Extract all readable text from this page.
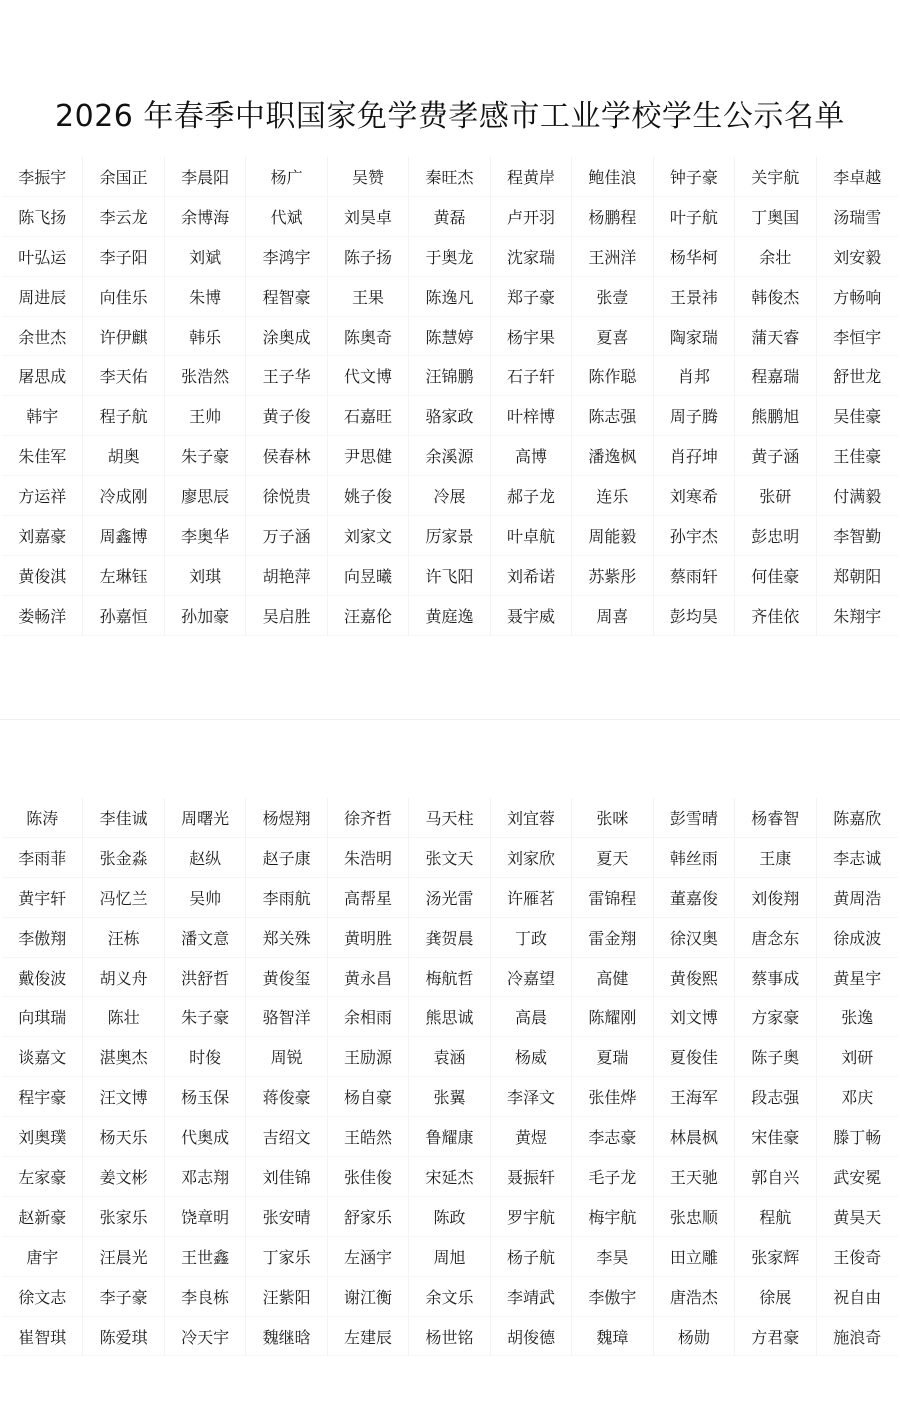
2026 年春季中职国家免学费孝感市工业学校学生公示名单
李振宇	余国正	李晨阳	杨广	吴赞	秦旺杰	程黄岸	鲍佳浪	钟子豪	关宇航	李卓越
陈飞扬	李云龙	余博海	代斌	刘昊卓	黄磊	卢开羽	杨鹏程	叶子航	丁奥国	汤瑞雪
叶弘运	李子阳	刘斌	李鸿宇	陈子扬	于奥龙	沈家瑞	王洲洋	杨华柯	余壮	刘安毅
周进辰	向佳乐	朱博	程智豪	王果	陈逸凡	郑子豪	张壹	王景祎	韩俊杰	方畅响
余世杰	许伊麒	韩乐	涂奥成	陈奥奇	陈慧婷	杨宇果	夏喜	陶家瑞	蒲天睿	李恒宇
屠思成	李天佑	张浩然	王子华	代文博	汪锦鹏	石子轩	陈作聪	肖邦	程嘉瑞	舒世龙
韩宇	程子航	王帅	黄子俊	石嘉旺	骆家政	叶梓博	陈志强	周子腾	熊鹏旭	吴佳豪
朱佳军	胡奥	朱子豪	侯春林	尹思健	余溪源	高博	潘逸枫	肖孖坤	黄子涵	王佳豪
方运祥	冷成刚	廖思辰	徐悦贵	姚子俊	冷展	郝子龙	连乐	刘寒希	张研	付满毅
刘嘉豪	周鑫博	李奥华	万子涵	刘家文	厉家景	叶卓航	周能毅	孙宇杰	彭忠明	李智勤
黄俊淇	左琳钰	刘琪	胡艳萍	向昱曦	许飞阳	刘希诺	苏紫彤	蔡雨轩	何佳豪	郑朝阳
娄畅洋	孙嘉恒	孙加豪	吴启胜	汪嘉伦	黄庭逸	聂宇威	周喜	彭均昊	齐佳依	朱翔宇
陈涛	李佳诚	周曙光	杨煜翔	徐齐哲	马天柱	刘宜蓉	张咪	彭雪晴	杨睿智	陈嘉欣
李雨菲	张金淼	赵纵	赵子康	朱浩明	张文天	刘家欣	夏天	韩丝雨	王康	李志诚
黄宇轩	冯忆兰	吴帅	李雨航	高帮星	汤光雷	许雁茗	雷锦程	董嘉俊	刘俊翔	黄周浩
李傲翔	汪栋	潘文意	郑关殊	黄明胜	龚贺晨	丁政	雷金翔	徐汉奥	唐念东	徐成波
戴俊波	胡义舟	洪舒哲	黄俊玺	黄永昌	梅航哲	冷嘉望	高健	黄俊熙	蔡事成	黄星宇
向琪瑞	陈壮	朱子豪	骆智洋	余相雨	熊思诚	高晨	陈耀刚	刘文博	方家豪	张逸
谈嘉文	湛奥杰	时俊	周锐	王励源	袁涵	杨威	夏瑞	夏俊佳	陈子奥	刘研
程宇豪	汪文博	杨玉保	蒋俊豪	杨自豪	张翼	李泽文	张佳烨	王海军	段志强	邓庆
刘奥璞	杨天乐	代奥成	吉绍文	王皓然	鲁耀康	黄煜	李志豪	林晨枫	宋佳豪	滕丁畅
左家豪	姜文彬	邓志翔	刘佳锦	张佳俊	宋延杰	聂振轩	毛子龙	王天驰	郭自兴	武安冕
赵新豪	张家乐	饶章明	张安晴	舒家乐	陈政	罗宇航	梅宇航	张忠顺	程航	黄昊天
唐宇	汪晨光	王世鑫	丁家乐	左涵宇	周旭	杨子航	李昊	田立雕	张家辉	王俊奇
徐文志	李子豪	李良栋	汪紫阳	谢江衡	余文乐	李靖武	李傲宇	唐浩杰	徐展	祝自由
崔智琪	陈爱琪	冷天宇	魏继晗	左建辰	杨世铭	胡俊德	魏璋	杨勋	方君豪	施浪奇
